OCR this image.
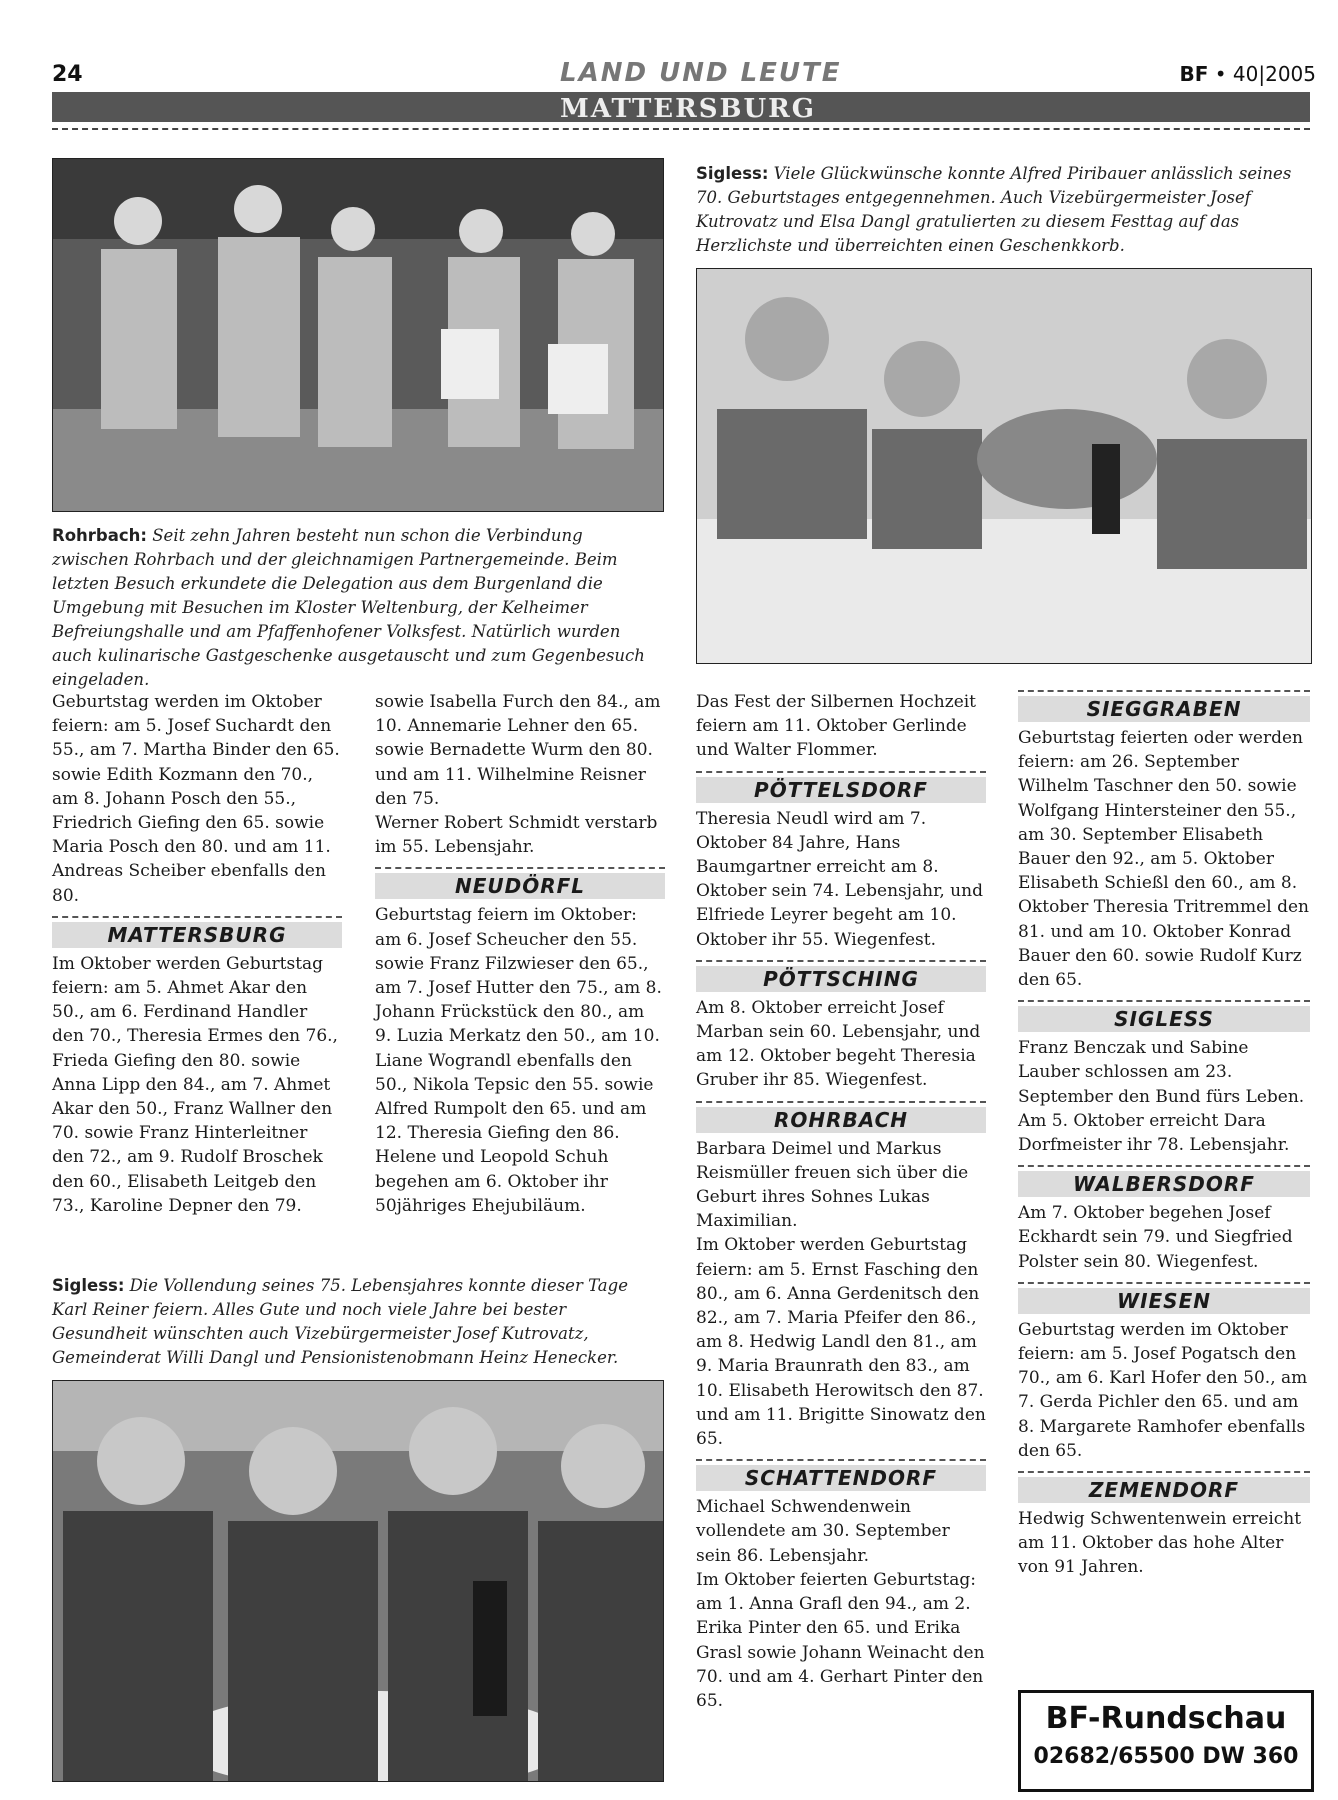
24	LAND UND LEUTE	BF • 40|2005
MATTERSBURG
Rohrbach: Seit zehn Jahren besteht nun schon die Verbindung zwischen Rohrbach und der gleichnamigen Partnergemeinde. Beim letzten Besuch erkundete die Delegation aus dem Burgenland die Umgebung mit Besuchen im Kloster Weltenburg, der Kelheimer Befreiungshalle und am Pfaffenhofener Volksfest. Natürlich wurden auch kulinarische Gastgeschenke ausgetauscht und zum Gegenbesuch eingeladen.
Sigless: Viele Glückwünsche konnte Alfred Piribauer anlässlich seines 70. Geburtstages entgegennehmen. Auch Vizebürgermeister Josef Kutrovatz und Elsa Dangl gratulierten zu diesem Festtag auf das Herzlichste und überreichten einen Geschenkkorb.

Geburtstag werden im Oktober feiern: am 5. Josef Suchardt den 55., am 7. Martha Binder den 65. sowie Edith Kozmann den 70., am 8. Johann Posch den 55., Friedrich Giefing den 65. sowie Maria Posch den 80. und am 11. Andreas Scheiber ebenfalls den 80.

MATTERSBURG

Im Oktober werden Geburtstag feiern: am 5. Ahmet Akar den 50., am 6. Ferdinand Handler den 70., Theresia Ermes den 76., Frieda Giefing den 80. sowie Anna Lipp den 84., am 7. Ahmet Akar den 50., Franz Wallner den 70. sowie Franz Hinterleitner den 72., am 9. Rudolf Broschek den 60., Elisabeth Leitgeb den 73., Karoline Depner den 79.

sowie Isabella Furch den 84., am 10. Annemarie Lehner den 65. sowie Bernadette Wurm den 80. und am 11. Wilhelmine Reisner den 75.

Werner Robert Schmidt verstarb im 55. Lebensjahr.

NEUDÖRFL

Geburtstag feiern im Oktober: am 6. Josef Scheucher den 55. sowie Franz Filzwieser den 65., am 7. Josef Hutter den 75., am 8. Johann Frückstück den 80., am 9. Luzia Merkatz den 50., am 10. Liane Wograndl ebenfalls den 50., Nikola Tepsic den 55. sowie Alfred Rumpolt den 65. und am 12. Theresia Giefing den 86. Helene und Leopold Schuh begehen am 6. Oktober ihr 50jähriges Ehejubiläum.

Sigless: Die Vollendung seines 75. Lebensjahres konnte dieser Tage Karl Reiner feiern. Alles Gute und noch viele Jahre bei bester Gesundheit wünschten auch Vizebürgermeister Josef Kutrovatz, Gemeinderat Willi Dangl und Pensionistenobmann Heinz Henecker.

Das Fest der Silbernen Hochzeit feiern am 11. Oktober Gerlinde und Walter Flommer.

PÖTTELSDORF

Theresia Neudl wird am 7. Oktober 84 Jahre, Hans Baumgartner erreicht am 8. Oktober sein 74. Lebensjahr, und Elfriede Leyrer begeht am 10. Oktober ihr 55. Wiegenfest.

PÖTTSCHING

Am 8. Oktober erreicht Josef Marban sein 60. Lebensjahr, und am 12. Oktober begeht Theresia Gruber ihr 85. Wiegenfest.

ROHRBACH

Barbara Deimel und Markus Reismüller freuen sich über die Geburt ihres Sohnes Lukas Maximilian.

Im Oktober werden Geburtstag feiern: am 5. Ernst Fasching den 80., am 6. Anna Gerdenitsch den 82., am 7. Maria Pfeifer den 86., am 8. Hedwig Landl den 81., am 9. Maria Braunrath den 83., am 10. Elisabeth Herowitsch den 87. und am 11. Brigitte Sinowatz den 65.

SCHATTENDORF

Michael Schwendenwein vollendete am 30. September sein 86. Lebensjahr.

Im Oktober feierten Geburtstag: am 1. Anna Grafl den 94., am 2. Erika Pinter den 65. und Erika Grasl sowie Johann Weinacht den 70. und am 4. Gerhart Pinter den 65.

SIEGGRABEN

Geburtstag feierten oder werden feiern: am 26. September Wilhelm Taschner den 50. sowie Wolfgang Hintersteiner den 55., am 30. September Elisabeth Bauer den 92., am 5. Oktober Elisabeth Schießl den 60., am 8. Oktober Theresia Tritremmel den 81. und am 10. Oktober Konrad Bauer den 60. sowie Rudolf Kurz den 65.

SIGLESS

Franz Benczak und Sabine Lauber schlossen am 23. September den Bund fürs Leben. Am 5. Oktober erreicht Dara Dorfmeister ihr 78. Lebensjahr.

WALBERSDORF

Am 7. Oktober begehen Josef Eckhardt sein 79. und Siegfried Polster sein 80. Wiegenfest.

WIESEN

Geburtstag werden im Oktober feiern: am 5. Josef Pogatsch den 70., am 6. Karl Hofer den 50., am 7. Gerda Pichler den 65. und am 8. Margarete Ramhofer ebenfalls den 65.

ZEMENDORF

Hedwig Schwentenwein erreicht am 11. Oktober das hohe Alter von 91 Jahren.

BF-Rundschau
02682/65500 DW 360
